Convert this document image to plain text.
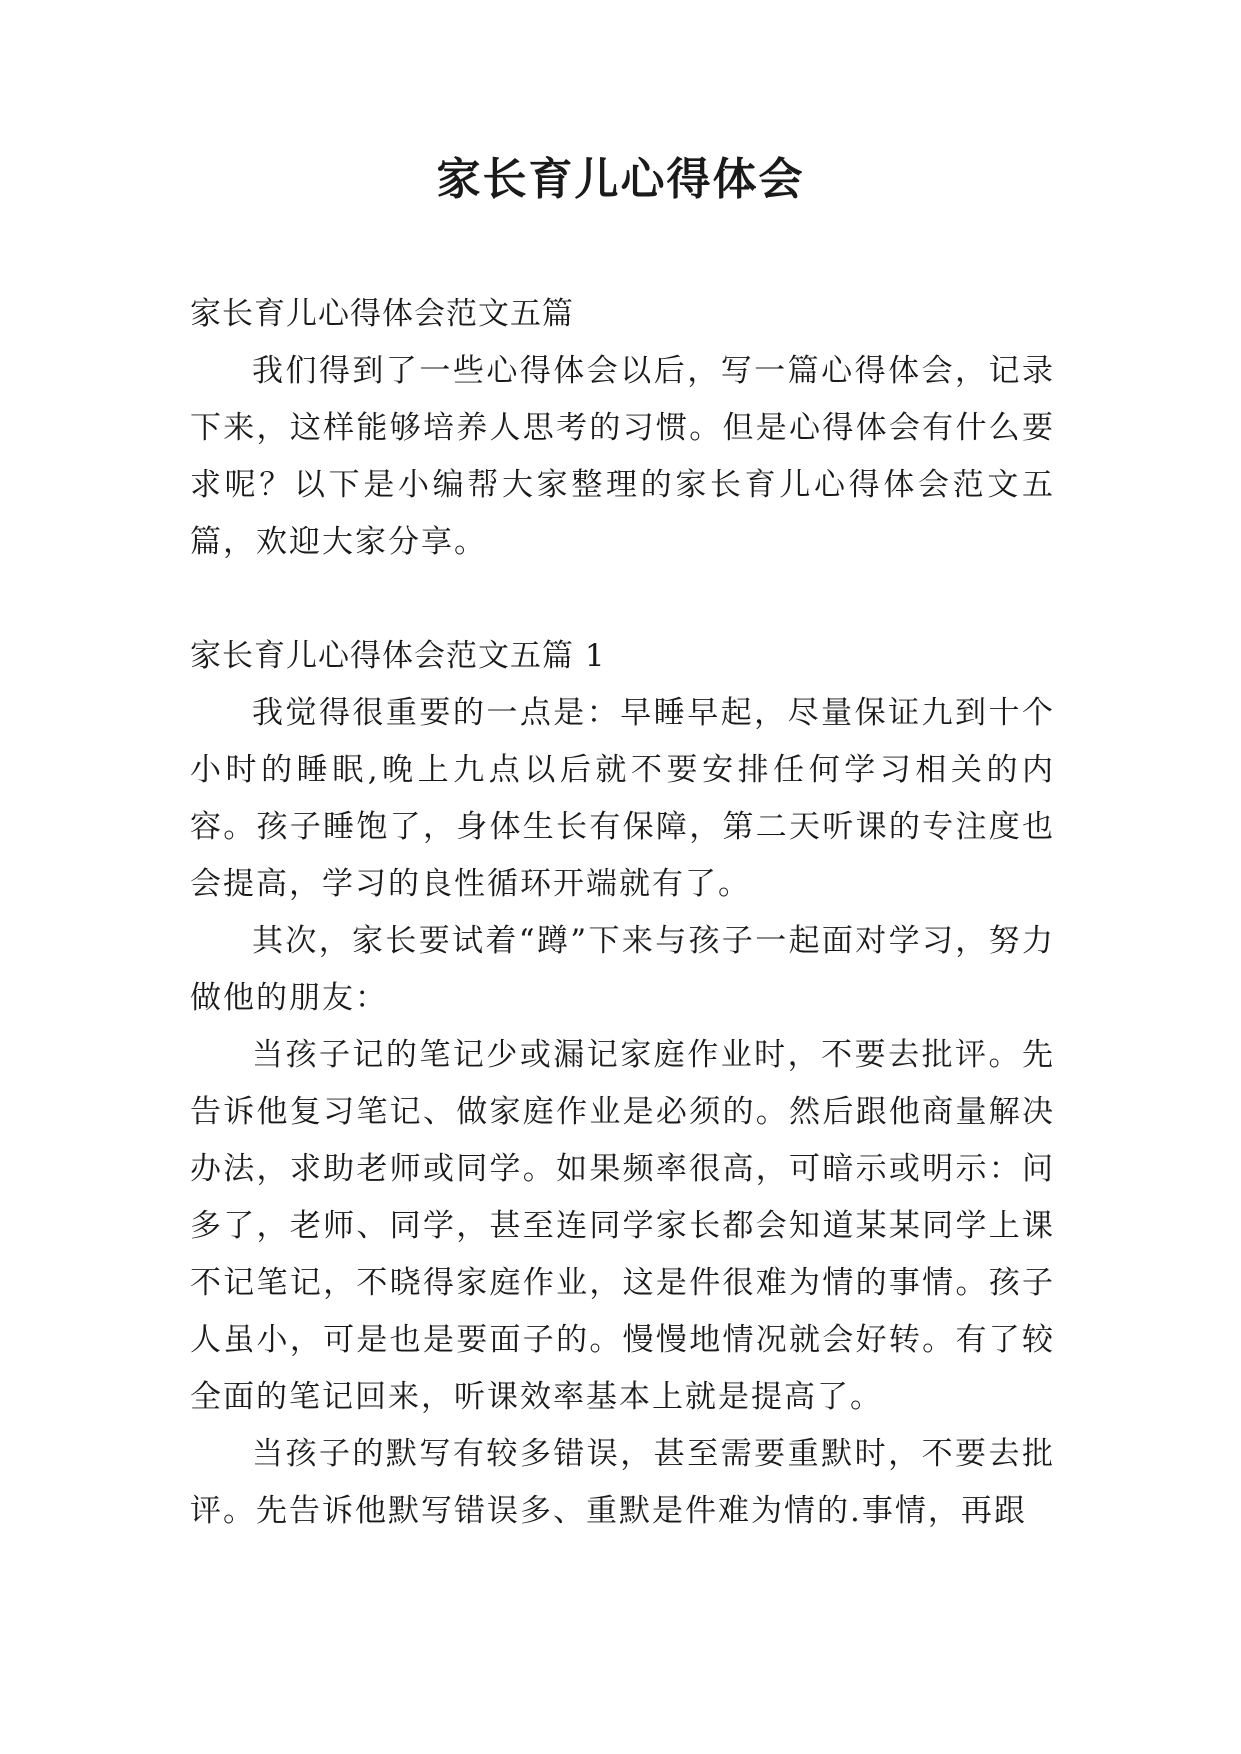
家长育儿心得体会

家长育儿心得体会范文五篇

我们得到了一些心得体会以后，写一篇心得体会，记录下来，这样能够培养人思考的习惯。但是心得体会有什么要求呢？以下是小编帮大家整理的家长育儿心得体会范文五篇，欢迎大家分享。

家长育儿心得体会范文五篇 1

我觉得很重要的一点是：早睡早起，尽量保证九到十个小时的睡眠,晚上九点以后就不要安排任何学习相关的内容。孩子睡饱了，身体生长有保障，第二天听课的专注度也会提高，学习的良性循环开端就有了。

其次，家长要试着“蹲”下来与孩子一起面对学习，努力做他的朋友：

当孩子记的笔记少或漏记家庭作业时，不要去批评。先告诉他复习笔记、做家庭作业是必须的。然后跟他商量解决办法，求助老师或同学。如果频率很高，可暗示或明示：问多了，老师、同学，甚至连同学家长都会知道某某同学上课不记笔记，不晓得家庭作业，这是件很难为情的事情。孩子人虽小，可是也是要面子的。慢慢地情况就会好转。有了较全面的笔记回来，听课效率基本上就是提高了。

当孩子的默写有较多错误，甚至需要重默时，不要去批评。先告诉他默写错误多、重默是件难为情的.事情，再跟
